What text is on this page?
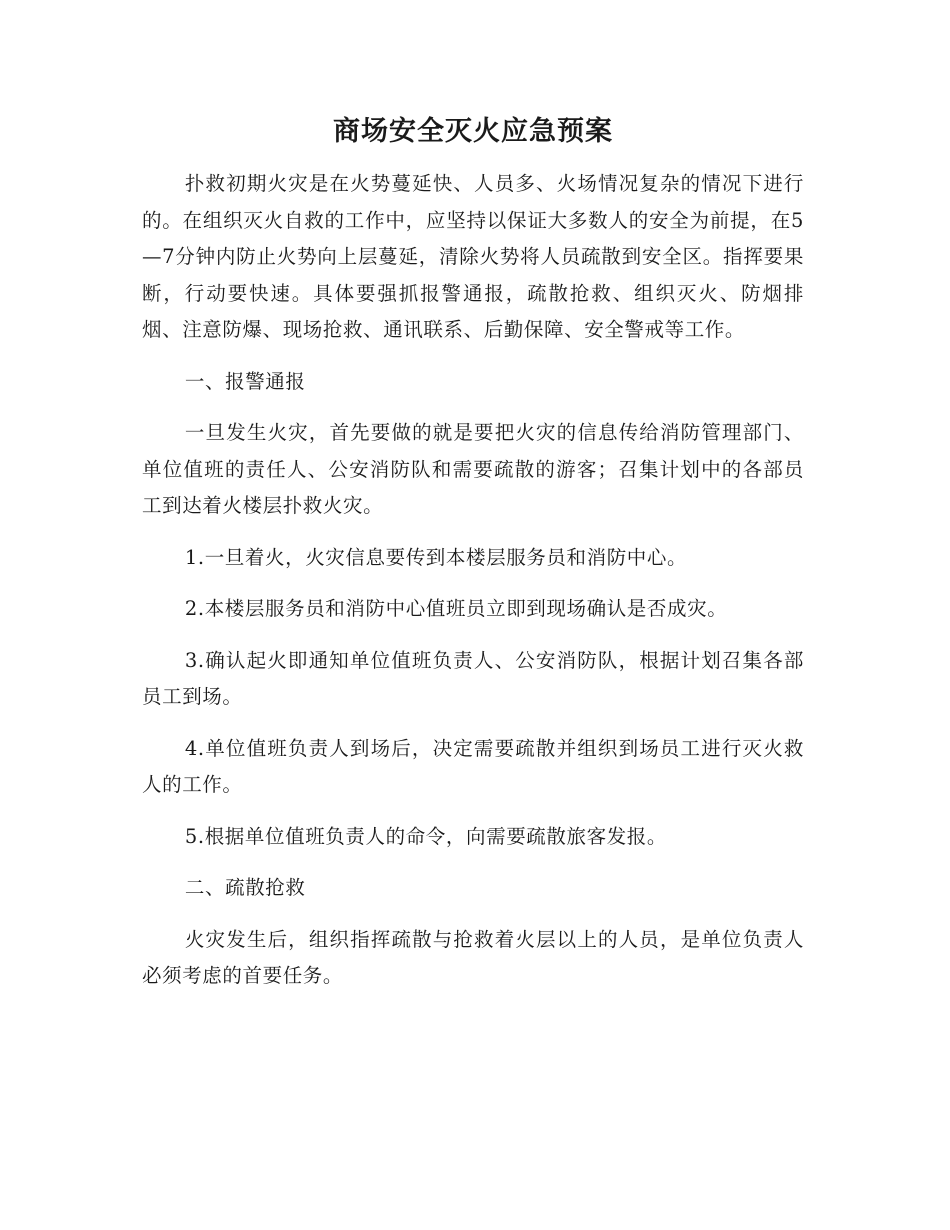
商场安全灭火应急预案

扑救初期火灾是在火势蔓延快、人员多、火场情况复杂的情况下进行的。在组织灭火自救的工作中，应坚持以保证大多数人的安全为前提，在5—7分钟内防止火势向上层蔓延，清除火势将人员疏散到安全区。指挥要果断，行动要快速。具体要强抓报警通报，疏散抢救、组织灭火、防烟排烟、注意防爆、现场抢救、通讯联系、后勤保障、安全警戒等工作。

一、报警通报

一旦发生火灾，首先要做的就是要把火灾的信息传给消防管理部门、单位值班的责任人、公安消防队和需要疏散的游客；召集计划中的各部员工到达着火楼层扑救火灾。

1.一旦着火，火灾信息要传到本楼层服务员和消防中心。

2.本楼层服务员和消防中心值班员立即到现场确认是否成灾。

3.确认起火即通知单位值班负责人、公安消防队，根据计划召集各部员工到场。

4.单位值班负责人到场后，决定需要疏散并组织到场员工进行灭火救人的工作。

5.根据单位值班负责人的命令，向需要疏散旅客发报。

二、疏散抢救

火灾发生后，组织指挥疏散与抢救着火层以上的人员，是单位负责人必须考虑的首要任务。
